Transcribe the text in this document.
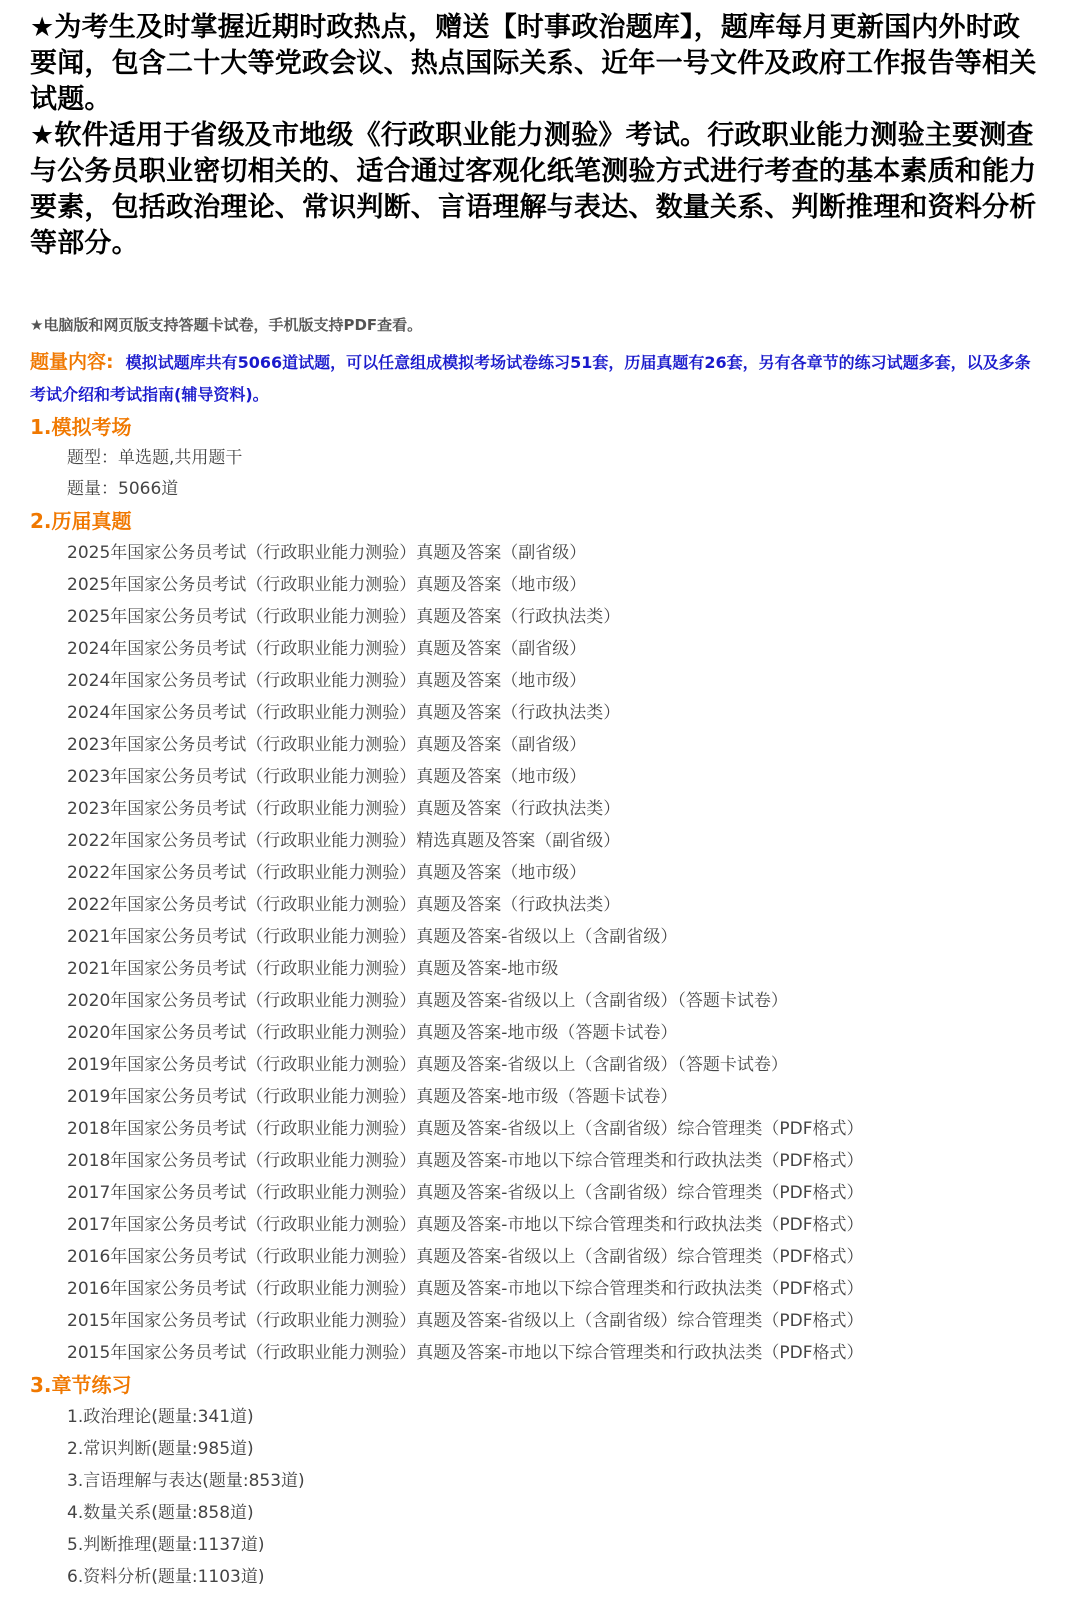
★为考生及时掌握近期时政热点，赠送【时事政治题库】，题库每月更新国内外时政要闻，包含二十大等党政会议、热点国际关系、近年一号文件及政府工作报告等相关试题。

★软件适用于省级及市地级《行政职业能力测验》考试。行政职业能力测验主要测查与公务员职业密切相关的、适合通过客观化纸笔测验方式进行考查的基本素质和能力要素，包括政治理论、常识判断、言语理解与表达、数量关系、判断推理和资料分析等部分。

★电脑版和网页版支持答题卡试卷，手机版支持PDF查看。
题量内容: 模拟试题库共有5066道试题，可以任意组成模拟考场试卷练习51套，历届真题有26套，另有各章节的练习试题多套，以及多条考试介绍和考试指南(辅导资料)。
1.模拟考场
题型：单选题,共用题干
题量：5066道
2.历届真题
2025年国家公务员考试（行政职业能力测验）真题及答案（副省级）
2025年国家公务员考试（行政职业能力测验）真题及答案（地市级）
2025年国家公务员考试（行政职业能力测验）真题及答案（行政执法类）
2024年国家公务员考试（行政职业能力测验）真题及答案（副省级）
2024年国家公务员考试（行政职业能力测验）真题及答案（地市级）
2024年国家公务员考试（行政职业能力测验）真题及答案（行政执法类）
2023年国家公务员考试（行政职业能力测验）真题及答案（副省级）
2023年国家公务员考试（行政职业能力测验）真题及答案（地市级）
2023年国家公务员考试（行政职业能力测验）真题及答案（行政执法类）
2022年国家公务员考试（行政职业能力测验）精选真题及答案（副省级）
2022年国家公务员考试（行政职业能力测验）真题及答案（地市级）
2022年国家公务员考试（行政职业能力测验）真题及答案（行政执法类）
2021年国家公务员考试（行政职业能力测验）真题及答案-省级以上（含副省级）
2021年国家公务员考试（行政职业能力测验）真题及答案-地市级
2020年国家公务员考试（行政职业能力测验）真题及答案-省级以上（含副省级）（答题卡试卷）
2020年国家公务员考试（行政职业能力测验）真题及答案-地市级（答题卡试卷）
2019年国家公务员考试（行政职业能力测验）真题及答案-省级以上（含副省级）（答题卡试卷）
2019年国家公务员考试（行政职业能力测验）真题及答案-地市级（答题卡试卷）
2018年国家公务员考试（行政职业能力测验）真题及答案-省级以上（含副省级）综合管理类（PDF格式）
2018年国家公务员考试（行政职业能力测验）真题及答案-市地以下综合管理类和行政执法类（PDF格式）
2017年国家公务员考试（行政职业能力测验）真题及答案-省级以上（含副省级）综合管理类（PDF格式）
2017年国家公务员考试（行政职业能力测验）真题及答案-市地以下综合管理类和行政执法类（PDF格式）
2016年国家公务员考试（行政职业能力测验）真题及答案-省级以上（含副省级）综合管理类（PDF格式）
2016年国家公务员考试（行政职业能力测验）真题及答案-市地以下综合管理类和行政执法类（PDF格式）
2015年国家公务员考试（行政职业能力测验）真题及答案-省级以上（含副省级）综合管理类（PDF格式）
2015年国家公务员考试（行政职业能力测验）真题及答案-市地以下综合管理类和行政执法类（PDF格式）
3.章节练习
1.政治理论(题量:341道)
2.常识判断(题量:985道)
3.言语理解与表达(题量:853道)
4.数量关系(题量:858道)
5.判断推理(题量:1137道)
6.资料分析(题量:1103道)
